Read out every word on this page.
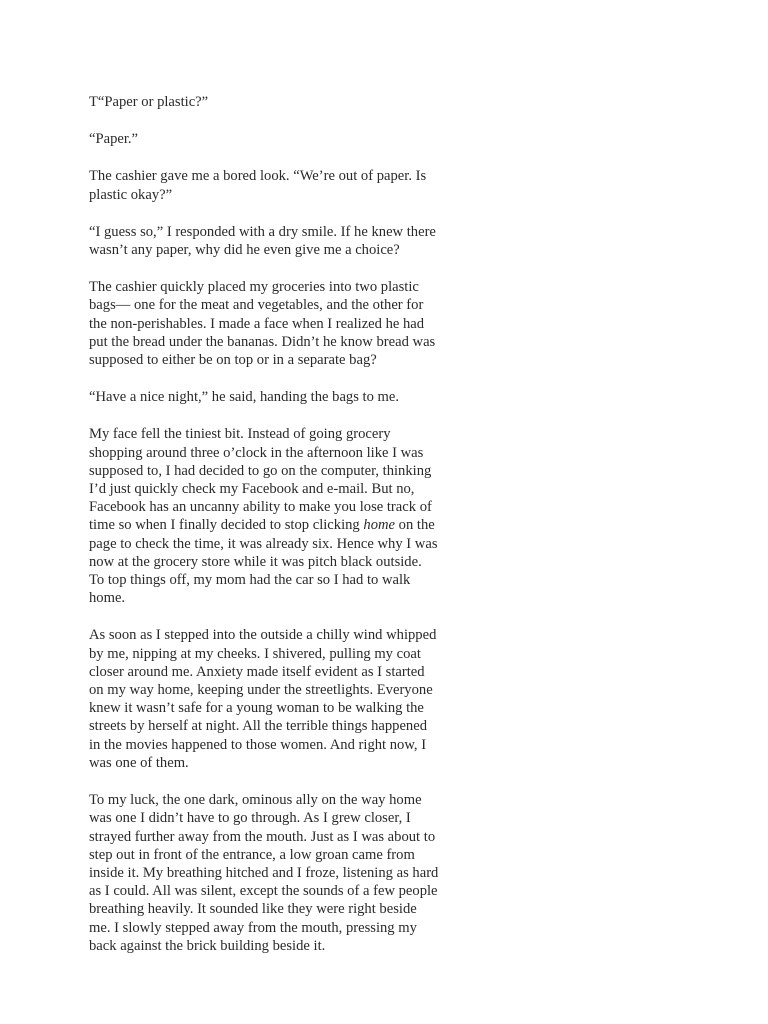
T“Paper or plastic?”

“Paper.”

The cashier gave me a bored look. “We’re out of paper. Is
plastic okay?”

“I guess so,” I responded with a dry smile. If he knew there
wasn’t any paper, why did he even give me a choice?

The cashier quickly placed my groceries into two plastic
bags— one for the meat and vegetables, and the other for
the non-perishables. I made a face when I realized he had
put the bread under the bananas. Didn’t he know bread was
supposed to either be on top or in a separate bag?

“Have a nice night,” he said, handing the bags to me.

My face fell the tiniest bit. Instead of going grocery
shopping around three o’clock in the afternoon like I was
supposed to, I had decided to go on the computer, thinking
I’d just quickly check my Facebook and e-mail. But no,
Facebook has an uncanny ability to make you lose track of
time so when I finally decided to stop clicking home on the
page to check the time, it was already six. Hence why I was
now at the grocery store while it was pitch black outside.
To top things off, my mom had the car so I had to walk
home.

As soon as I stepped into the outside a chilly wind whipped
by me, nipping at my cheeks. I shivered, pulling my coat
closer around me. Anxiety made itself evident as I started
on my way home, keeping under the streetlights. Everyone
knew it wasn’t safe for a young woman to be walking the
streets by herself at night. All the terrible things happened
in the movies happened to those women. And right now, I
was one of them.

To my luck, the one dark, ominous ally on the way home
was one I didn’t have to go through. As I grew closer, I
strayed further away from the mouth. Just as I was about to
step out in front of the entrance, a low groan came from
inside it. My breathing hitched and I froze, listening as hard
as I could. All was silent, except the sounds of a few people
breathing heavily. It sounded like they were right beside
me. I slowly stepped away from the mouth, pressing my
back against the brick building beside it.
